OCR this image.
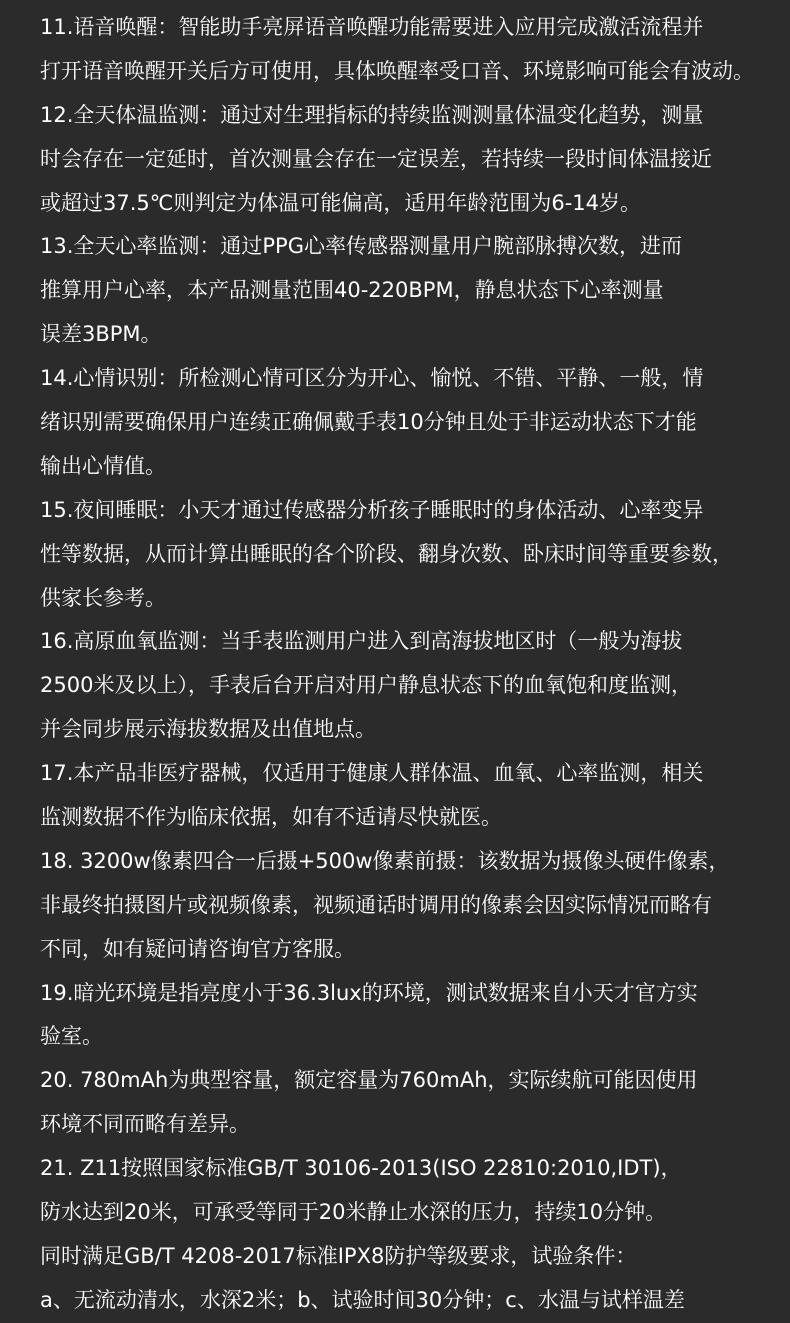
11.语音唤醒：智能助手亮屏语音唤醒功能需要进入应用完成激活流程并
打开语音唤醒开关后方可使用，具体唤醒率受口音、环境影响可能会有波动。
12.全天体温监测：通过对生理指标的持续监测测量体温变化趋势，测量
时会存在一定延时，首次测量会存在一定误差，若持续一段时间体温接近
或超过37.5℃则判定为体温可能偏高，适用年龄范围为6-14岁。
13.全天心率监测：通过PPG心率传感器测量用户腕部脉搏次数，进而
推算用户心率，本产品测量范围40-220BPM，静息状态下心率测量
误差3BPM。
14.心情识别：所检测心情可区分为开心、愉悦、不错、平静、一般，情
绪识别需要确保用户连续正确佩戴手表10分钟且处于非运动状态下才能
输出心情值。
15.夜间睡眠：小天才通过传感器分析孩子睡眠时的身体活动、心率变异
性等数据，从而计算出睡眠的各个阶段、翻身次数、卧床时间等重要参数，
供家长参考。
16.高原血氧监测：当手表监测用户进入到高海拔地区时（一般为海拔
2500米及以上），手表后台开启对用户静息状态下的血氧饱和度监测，
并会同步展示海拔数据及出值地点。
17.本产品非医疗器械，仅适用于健康人群体温、血氧、心率监测，相关
监测数据不作为临床依据，如有不适请尽快就医。
18. 3200w像素四合一后摄+500w像素前摄：该数据为摄像头硬件像素，
非最终拍摄图片或视频像素，视频通话时调用的像素会因实际情况而略有
不同，如有疑问请咨询官方客服。
19.暗光环境是指亮度小于36.3lux的环境，测试数据来自小天才官方实
验室。
20. 780mAh为典型容量，额定容量为760mAh，实际续航可能因使用
环境不同而略有差异。
21. Z11按照国家标准GB/T 30106-2013(ISO 22810:2010,IDT)，
防水达到20米，可承受等同于20米静止水深的压力，持续10分钟。
同时满足GB/T 4208-2017标准IPX8防护等级要求，试验条件：
a、无流动清水，水深2米；b、试验时间30分钟；c、水温与试样温差
